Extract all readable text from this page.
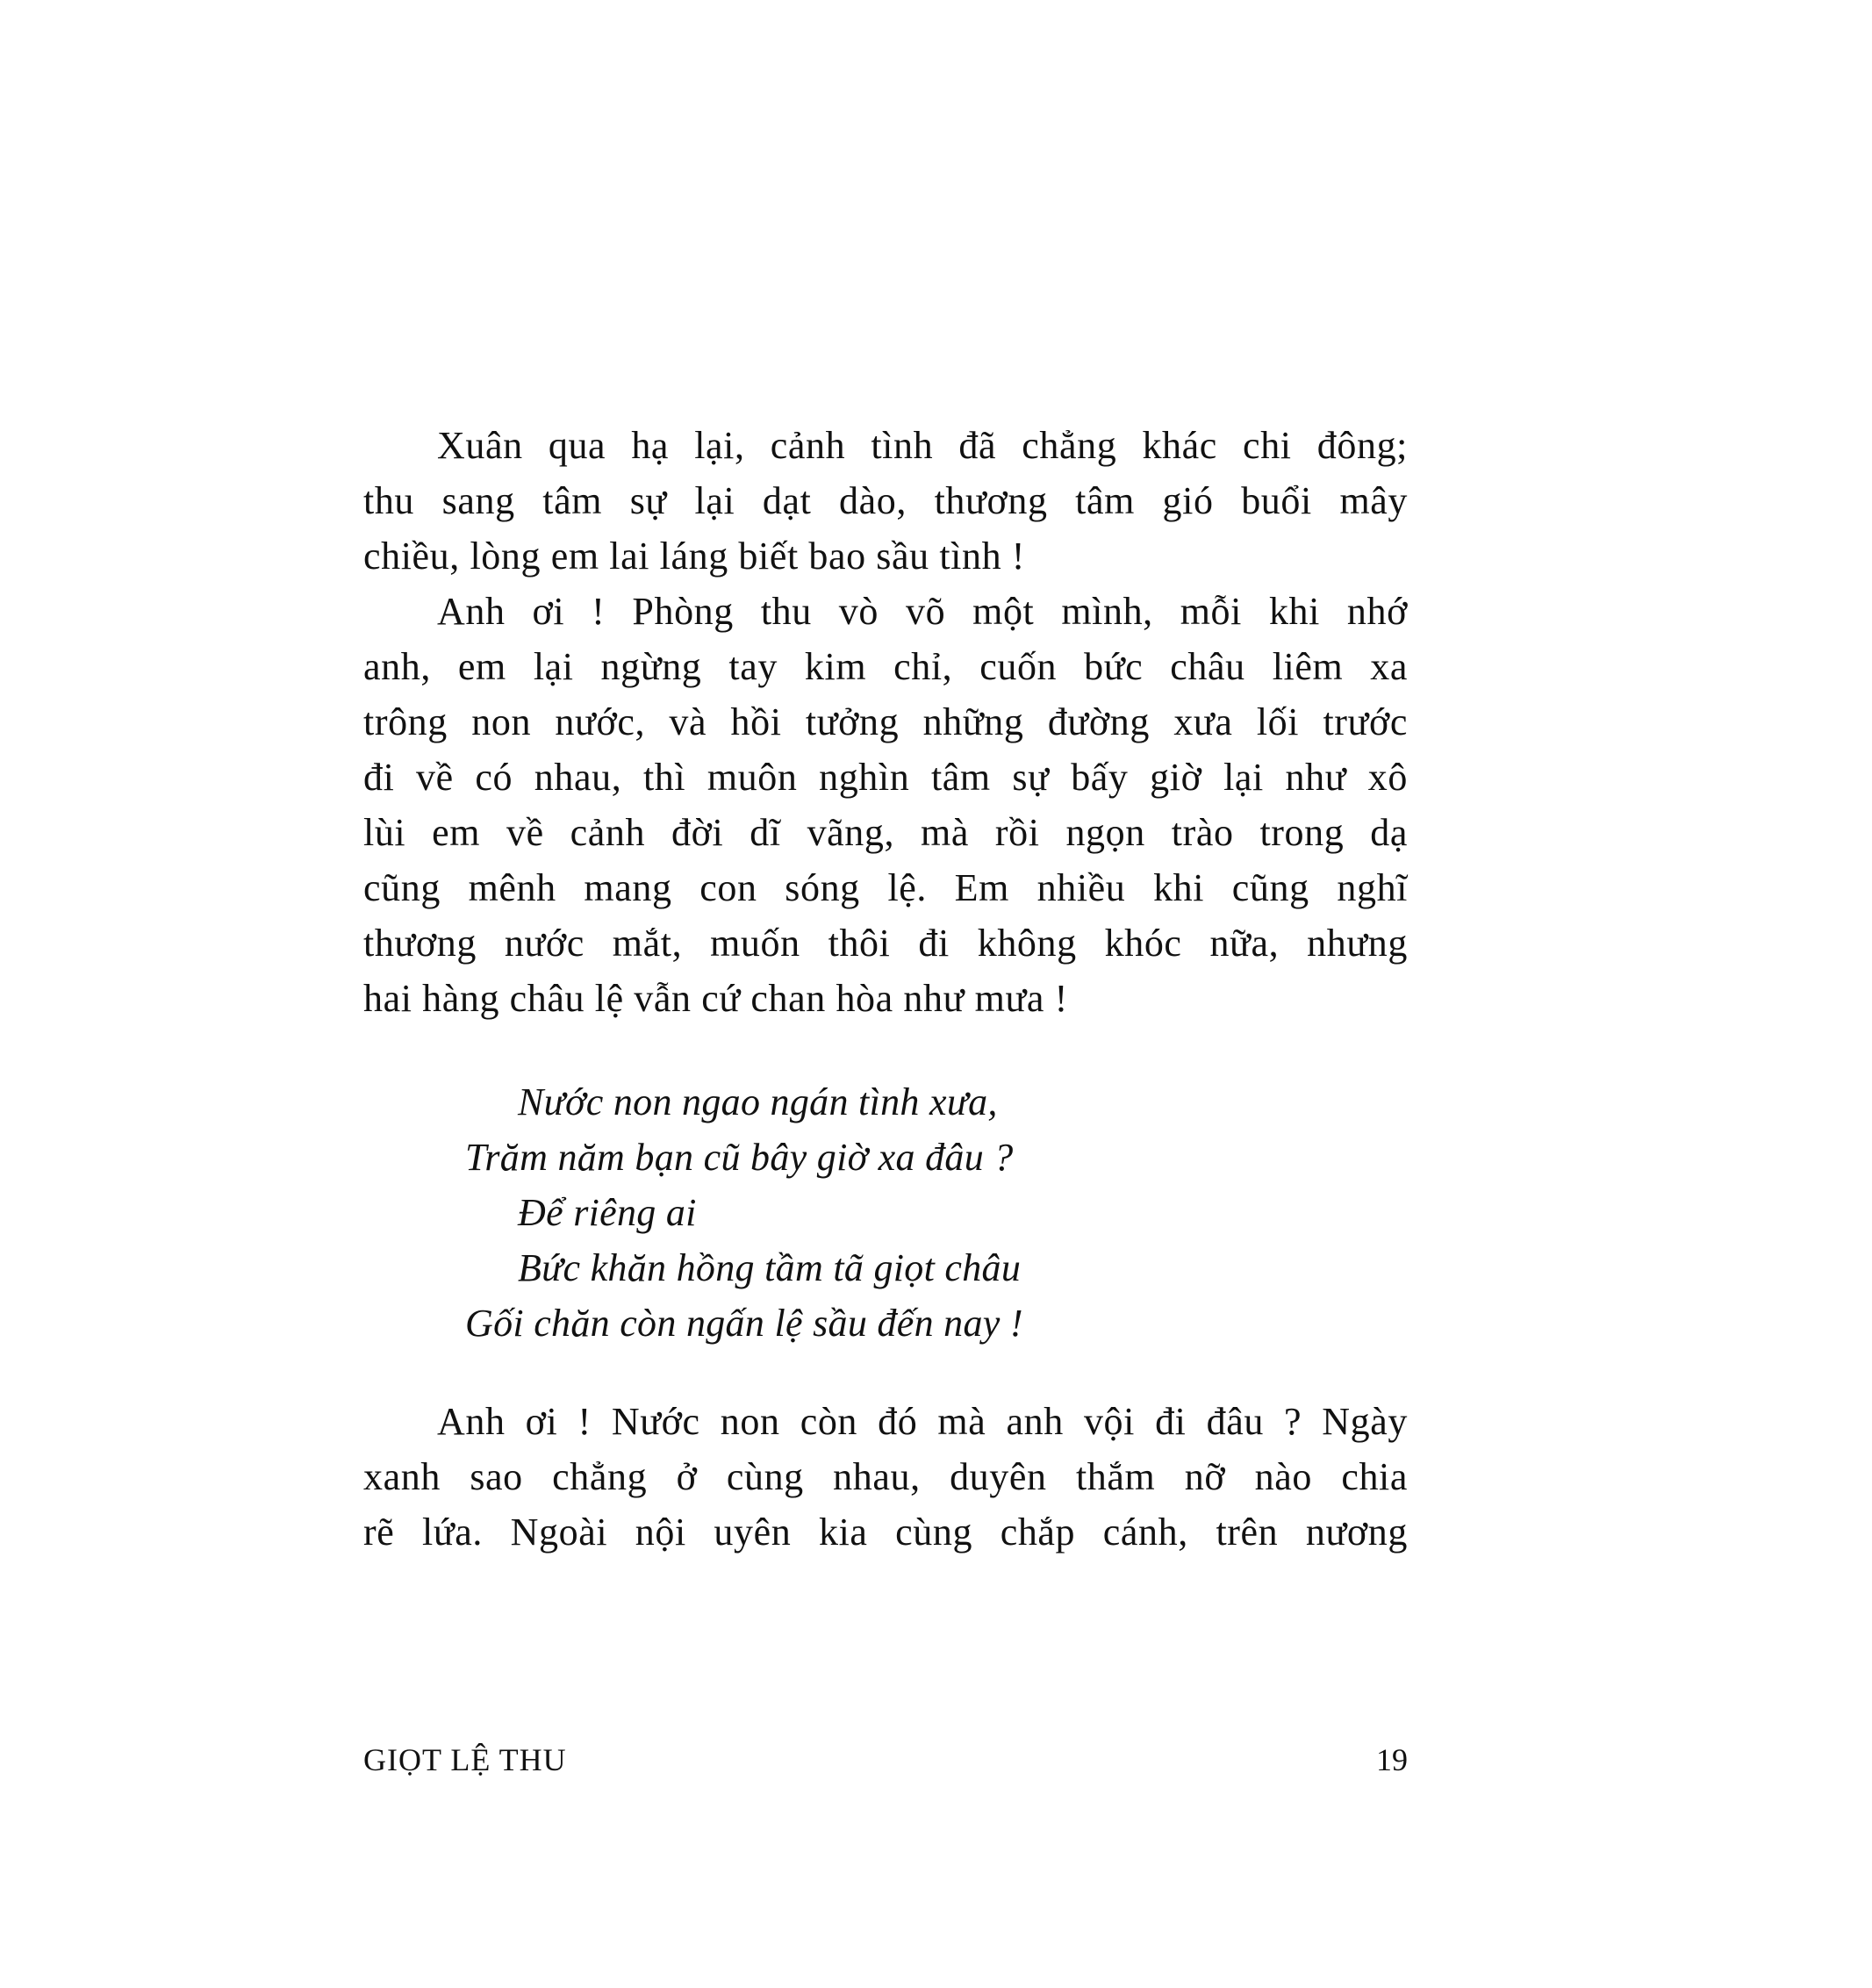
Xuân qua hạ lại, cảnh tình đã chẳng khác chi đông;
thu sang tâm sự lại dạt dào, thương tâm gió buổi mây
chiều, lòng em lai láng biết bao sầu tình !
Anh ơi ! Phòng thu vò võ một mình, mỗi khi nhớ
anh, em lại ngừng tay kim chỉ, cuốn bức châu liêm xa
trông non nước, và hồi tưởng những đường xưa lối trước
đi về có nhau, thì muôn nghìn tâm sự bấy giờ lại như xô
lùi em về cảnh đời dĩ vãng, mà rồi ngọn trào trong dạ
cũng mênh mang con sóng lệ. Em nhiều khi cũng nghĩ
thương nước mắt, muốn thôi đi không khóc nữa, nhưng
hai hàng châu lệ vẫn cứ chan hòa như mưa !
Nước non ngao ngán tình xưa,
Trăm năm bạn cũ bây giờ xa đâu ?
Để riêng ai
Bức khăn hồng tầm tã giọt châu
Gối chăn còn ngấn lệ sầu đến nay !
Anh ơi ! Nước non còn đó mà anh vội đi đâu ? Ngày
xanh sao chẳng ở cùng nhau, duyên thắm nỡ nào chia
rẽ lứa. Ngoài nội uyên kia cùng chắp cánh, trên nương
GIỌT LỆ THU	19
